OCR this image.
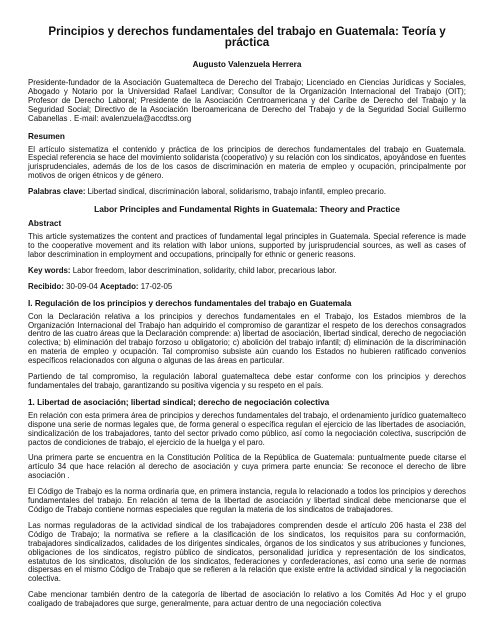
Principios y derechos fundamentales del trabajo en Guatemala: Teoría y práctica
Augusto Valenzuela Herrera

Presidente-fundador de la Asociación Guatemalteca de Derecho del Trabajo; Licenciado en Ciencias Jurídicas y Sociales, Abogado y Notario por la Universidad Rafael Landívar; Consultor de la Organización Internacional del Trabajo (OIT); Profesor de Derecho Laboral; Presidente de la Asociación Centroamericana y del Caribe de Derecho del Trabajo y la Seguridad Social; Directivo de la Asociación Iberoamericana de Derecho del Trabajo y de la Seguridad Social Guillermo Cabanellas . E-mail: avalenzuela@accdtss.org

Resumen

El artículo sistematiza el contenido y práctica de los principios de derechos fundamentales del trabajo en Guatemala. Especial referencia se hace del movimiento solidarista (cooperativo) y su relación con los sindicatos, apoyándose en fuentes jurisprudenciales, además de los de los casos de discriminación en materia de empleo y ocupación, principalmente por motivos de origen étnicos y de género.

Palabras clave: Libertad sindical, discriminación laboral, solidarismo, trabajo infantil, empleo precario.

Labor Principles and Fundamental Rights in Guatemala: Theory and Practice
Abstract

This article systematizes the content and practices of fundamental legal principles in Guatemala. Special reference is made to the cooperative movement and its relation with labor unions, supported by jurisprudencial sources, as well as cases of labor descrimination in employment and occupations, principally for ethnic or generic reasons.

Key words: Labor freedom, labor descrimination, solidarity, child labor, precarious labor.

Recibido: 30-09-04 Aceptado: 17-02-05

I. Regulación de los principios y derechos fundamentales del trabajo en Guatemala

Con la Declaración relativa a los principios y derechos fundamentales en el Trabajo, los Estados miembros de la Organización Internacional del Trabajo han adquirido el compromiso de garantizar el respeto de los derechos consagrados dentro de las cuatro áreas que la Declaración comprende: a) libertad de asociación, libertad sindical, derecho de negociación colectiva; b) eliminación del trabajo forzoso u obligatorio; c) abolición del trabajo infantil; d) eliminación de la discriminación en materia de empleo y ocupación. Tal compromiso subsiste aún cuando los Estados no hubieren ratificado convenios específicos relacionados con alguna o algunas de las áreas en particular.

Partiendo de tal compromiso, la regulación laboral guatemalteca debe estar conforme con los principios y derechos fundamentales del trabajo, garantizando su positiva vigencia y su respeto en el país.

1. Libertad de asociación; libertad sindical; derecho de negociación colectiva

En relación con esta primera área de principios y derechos fundamentales del trabajo, el ordenamiento jurídico guatemalteco dispone una serie de normas legales que, de forma general o específica regulan el ejercicio de las libertades de asociación, sindicalización de los trabajadores, tanto del sector privado como público, así como la negociación colectiva, suscripción de pactos de condiciones de trabajo, el ejercicio de la huelga y el paro.

Una primera parte se encuentra en la Constitución Política de la República de Guatemala: puntualmente puede citarse el artículo 34 que hace relación al derecho de asociación y cuya primera parte enuncia: Se reconoce el derecho de libre asociación .

El Código de Trabajo es la norma ordinaria que, en primera instancia, regula lo relacionado a todos los principios y derechos fundamentales del trabajo. En relación al tema de la libertad de asociación y libertad sindical debe mencionarse que el Código de Trabajo contiene normas especiales que regulan la materia de los sindicatos de trabajadores.

Las normas reguladoras de la actividad sindical de los trabajadores comprenden desde el artículo 206 hasta el 238 del Código de Trabajo; la normativa se refiere a la clasificación de los sindicatos, los requisitos para su conformación, trabajadores sindicalizados, calidades de los dirigentes sindicales, órganos de los sindicatos y sus atribuciones y funciones, obligaciones de los sindicatos, registro público de sindicatos, personalidad jurídica y representación de los sindicatos, estatutos de los sindicatos, disolución de los sindicatos, federaciones y confederaciones, así como una serie de normas dispersas en el mismo Código de Trabajo que se refieren a la relación que existe entre la actividad sindical y la negociación colectiva.

Cabe mencionar también dentro de la categoría de libertad de asociación lo relativo a los Comités Ad Hoc y el grupo coaligado de trabajadores que surge, generalmente, para actuar dentro de una negociación colectiva
